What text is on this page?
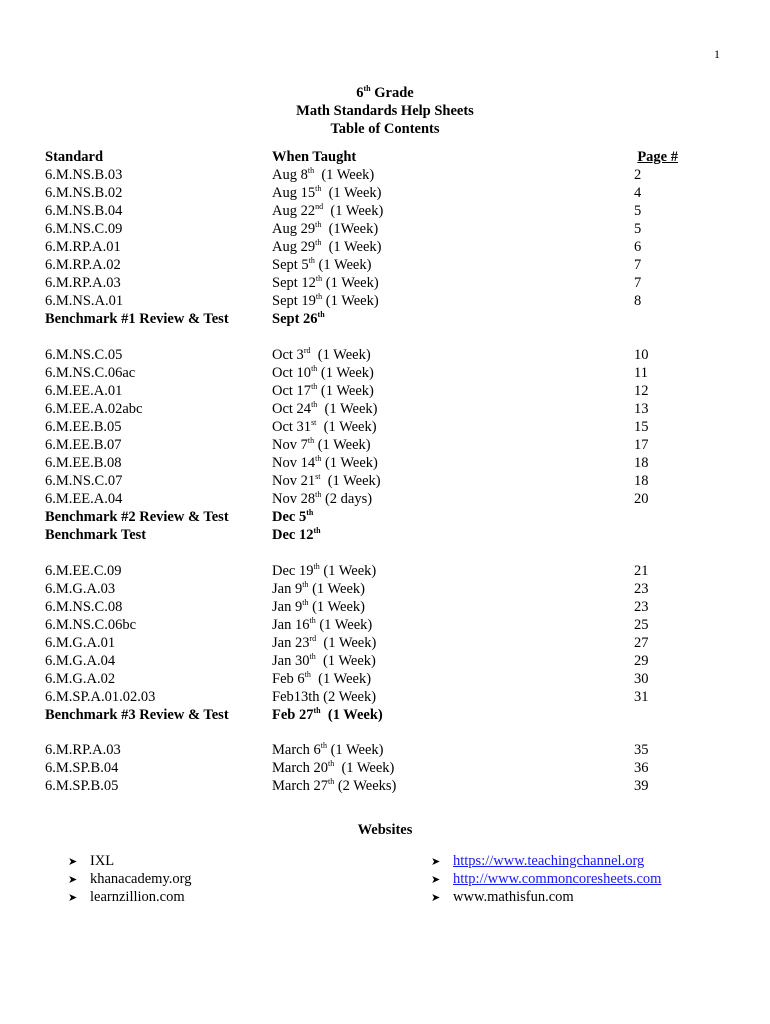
1
6th Grade
Math Standards Help Sheets
Table of Contents
Standard	When Taught	Page #
6.M.NS.B.03	Aug 8th  (1 Week)	2
6.M.NS.B.02	Aug 15th  (1 Week)	4
6.M.NS.B.04	Aug 22nd  (1 Week)	5
6.M.NS.C.09	Aug 29th  (1Week)	5
6.M.RP.A.01	Aug 29th  (1 Week)	6
6.M.RP.A.02	Sept 5th (1 Week)	7
6.M.RP.A.03	Sept 12th (1 Week)	7
6.M.NS.A.01	Sept 19th (1 Week)	8
Benchmark #1 Review & Test	Sept 26th
6.M.NS.C.05	Oct 3rd  (1 Week)	10
6.M.NS.C.06ac	Oct 10th (1 Week)	11
6.M.EE.A.01	Oct 17th (1 Week)	12
6.M.EE.A.02abc	Oct 24th  (1 Week)	13
6.M.EE.B.05	Oct 31st  (1 Week)	15
6.M.EE.B.07	Nov 7th (1 Week)	17
6.M.EE.B.08	Nov 14th (1 Week)	18
6.M.NS.C.07	Nov 21st  (1 Week)	18
6.M.EE.A.04	Nov 28th (2 days)	20
Benchmark #2 Review & Test	Dec 5th
Benchmark Test	Dec 12th
6.M.EE.C.09	Dec 19th (1 Week)	21
6.M.G.A.03	Jan 9th (1 Week)	23
6.M.NS.C.08	Jan 9th (1 Week)	23
6.M.NS.C.06bc	Jan 16th (1 Week)	25
6.M.G.A.01	Jan 23rd  (1 Week)	27
6.M.G.A.04	Jan 30th  (1 Week)	29
6.M.G.A.02	Feb 6th  (1 Week)	30
6.M.SP.A.01.02.03	Feb13th (2 Week)	31
Benchmark #3 Review & Test	Feb 27th  (1 Week)
6.M.RP.A.03	March 6th (1 Week)	35
6.M.SP.B.04	March 20th  (1 Week)	36
6.M.SP.B.05	March 27th (2 Weeks)	39
Websites
➤ IXL
➤ khanacademy.org
➤ learnzillion.com
➤ https://www.teachingchannel.org
➤ http://www.commoncoresheets.com
➤ www.mathisfun.com
